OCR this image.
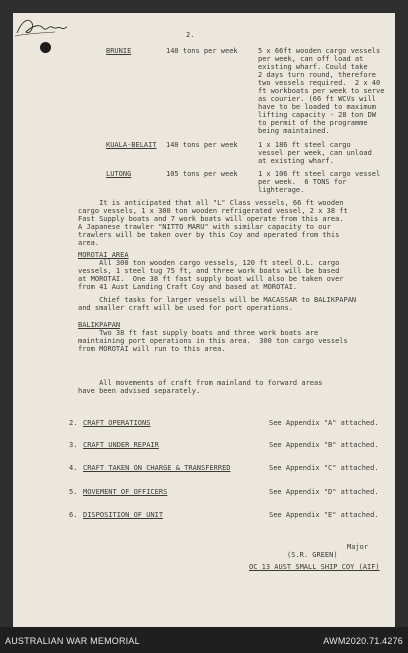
2.
BRUNIE	140 tons per week	5 x 66ft wooden cargo vessels
per week, can off load at
existing wharf. Could take
2 days turn round, therefore
two vessels required.  2 x 40
ft workboats per week to serve
as courier. (66 ft WCVs will
have to be loaded to maximum
lifting capacity - 28 ton DW
to permit of the programme
being maintained.
KUALA-BELAIT 140 tons per week	1 x 186 ft steel cargo
vessel per week, can unload
at existing wharf.
LUTONG	105 tons per week	1 x 106 ft steel cargo vessel
per week.  6 TONS for
lighterage.
It is anticipated that all "L" Class vessels, 66 ft wooden
cargo vessels, 1 x 300 ton wooden refrigerated vessel, 2 x 38 ft
Fast Supply boats and 7 work boats will operate from this area.
A Japanese trawler "NITTO MARU" with similar capacity to our
trawlers will be taken over by this Coy and operated from this
area.
MOROTAI AREA
All 300 ton wooden cargo vessels, 120 ft steel O.L. cargo
vessels, 1 steel tug 75 ft, and three work boats will be based
at MOROTAI.  One 38 ft fast supply boat will also be taken over
from 41 Aust Landing Craft Coy and based at MOROTAI.
Chief tasks for larger vessels will be MACASSAR to BALIKPAPAN
and smaller craft will be used for port operations.
BALIKPAPAN
Two 38 ft fast supply boats and three work boats are
maintaining port operations in this area.  300 ton cargo vessels
from MOROTAI will run to this area.
All movements of craft from mainland to forward areas
have been advised separately.
2. CRAFT OPERATIONS	See Appendix "A" attached.
3. CRAFT UNDER REPAIR	See Appendix "B" attached.
4. CRAFT TAKEN ON CHARGE & TRANSFERRED	See Appendix "C" attached.
5. MOVEMENT OF OFFICERS	See Appendix "D" attached.
6. DISPOSITION OF UNIT	See Appendix "E" attached.
Major
(S.R. GREEN)
OC 13 AUST SMALL SHIP COY (AIF)
AUSTRALIAN WAR MEMORIAL	AWM2020.71.4276
